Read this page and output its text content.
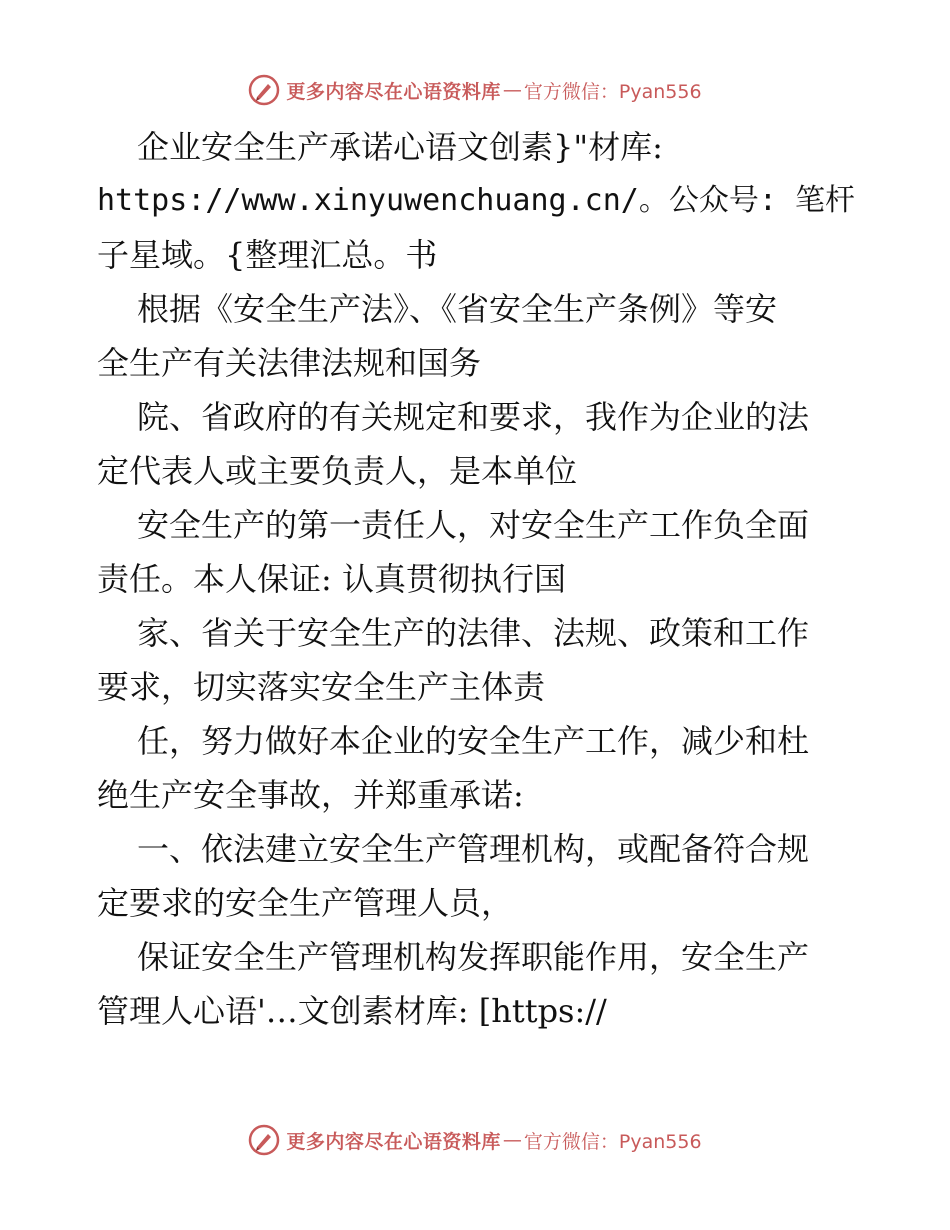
更多内容尽在心语资料库 — 官方微信：Pyan556
企业安全生产承诺心语文创素}"材库:
https://www.xinyuwenchuang.cn/。公众号: 笔杆
子星域。{整理汇总。书
根据《安全生产法》、《省安全生产条例》等安
全生产有关法律法规和国务
院、省政府的有关规定和要求，我作为企业的法
定代表人或主要负责人，是本单位
安全生产的第一责任人，对安全生产工作负全面
责任。本人保证: 认真贯彻执行国
家、省关于安全生产的法律、法规、政策和工作
要求，切实落实安全生产主体责
任，努力做好本企业的安全生产工作，减少和杜
绝生产安全事故，并郑重承诺:
一、依法建立安全生产管理机构，或配备符合规
定要求的安全生产管理人员，
保证安全生产管理机构发挥职能作用，安全生产
管理人心语'…文创素材库: [https://
更多内容尽在心语资料库 — 官方微信：Pyan556
